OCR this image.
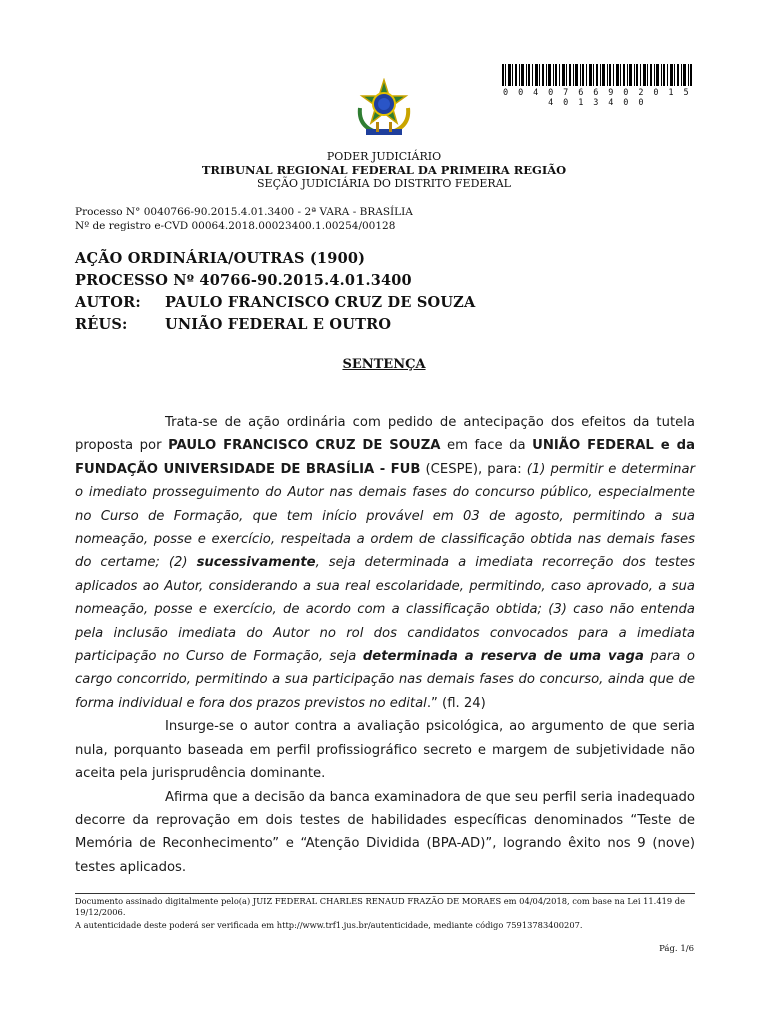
0 0 4 0 7 6 6 9 0 2 0 1 5 4 0 1 3 4 0 0
PODER JUDICIÁRIO
TRIBUNAL REGIONAL FEDERAL DA PRIMEIRA REGIÃO
SEÇÃO JUDICIÁRIA DO DISTRITO FEDERAL
Processo N° 0040766-90.2015.4.01.3400 - 2ª VARA - BRASÍLIA
Nº de registro e-CVD 00064.2018.00023400.1.00254/00128
AÇÃO ORDINÁRIA/OUTRAS (1900)
PROCESSO Nº 40766-90.2015.4.01.3400
AUTOR: PAULO FRANCISCO CRUZ DE SOUZA
RÉUS:	UNIÃO FEDERAL E OUTRO
SENTENÇA

Trata-se de ação ordinária com pedido de antecipação dos efeitos da tutela proposta por PAULO FRANCISCO CRUZ DE SOUZA em face da UNIÃO FEDERAL e da FUNDAÇÃO UNIVERSIDADE DE BRASÍLIA - FUB (CESPE), para: (1) permitir e determinar o imediato prosseguimento do Autor nas demais fases do concurso público, especialmente no Curso de Formação, que tem início provável em 03 de agosto, permitindo a sua nomeação, posse e exercício, respeitada a ordem de classificação obtida nas demais fases do certame; (2) sucessivamente, seja determinada a imediata recorreção dos testes aplicados ao Autor, considerando a sua real escolaridade, permitindo, caso aprovado, a sua nomeação, posse e exercício, de acordo com a classificação obtida; (3) caso não entenda pela inclusão imediata do Autor no rol dos candidatos convocados para a imediata participação no Curso de Formação, seja determinada a reserva de uma vaga para o cargo concorrido, permitindo a sua participação nas demais fases do concurso, ainda que de forma individual e fora dos prazos previstos no edital.” (fl. 24)

Insurge-se o autor contra a avaliação psicológica, ao argumento de que seria nula, porquanto baseada em perfil profissiográfico secreto e margem de subjetividade não aceita pela jurisprudência dominante.

Afirma que a decisão da banca examinadora de que seu perfil seria inadequado decorre da reprovação em dois testes de habilidades específicas denominados “Teste de Memória de Reconhecimento” e “Atenção Dividida (BPA-AD)”, logrando êxito nos 9 (nove) testes aplicados.

Documento assinado digitalmente pelo(a) JUIZ FEDERAL CHARLES RENAUD FRAZÃO DE MORAES em 04/04/2018, com base na Lei 11.419 de 19/12/2006.
A autenticidade deste poderá ser verificada em http://www.trf1.jus.br/autenticidade, mediante código 75913783400207.
Pág. 1/6
